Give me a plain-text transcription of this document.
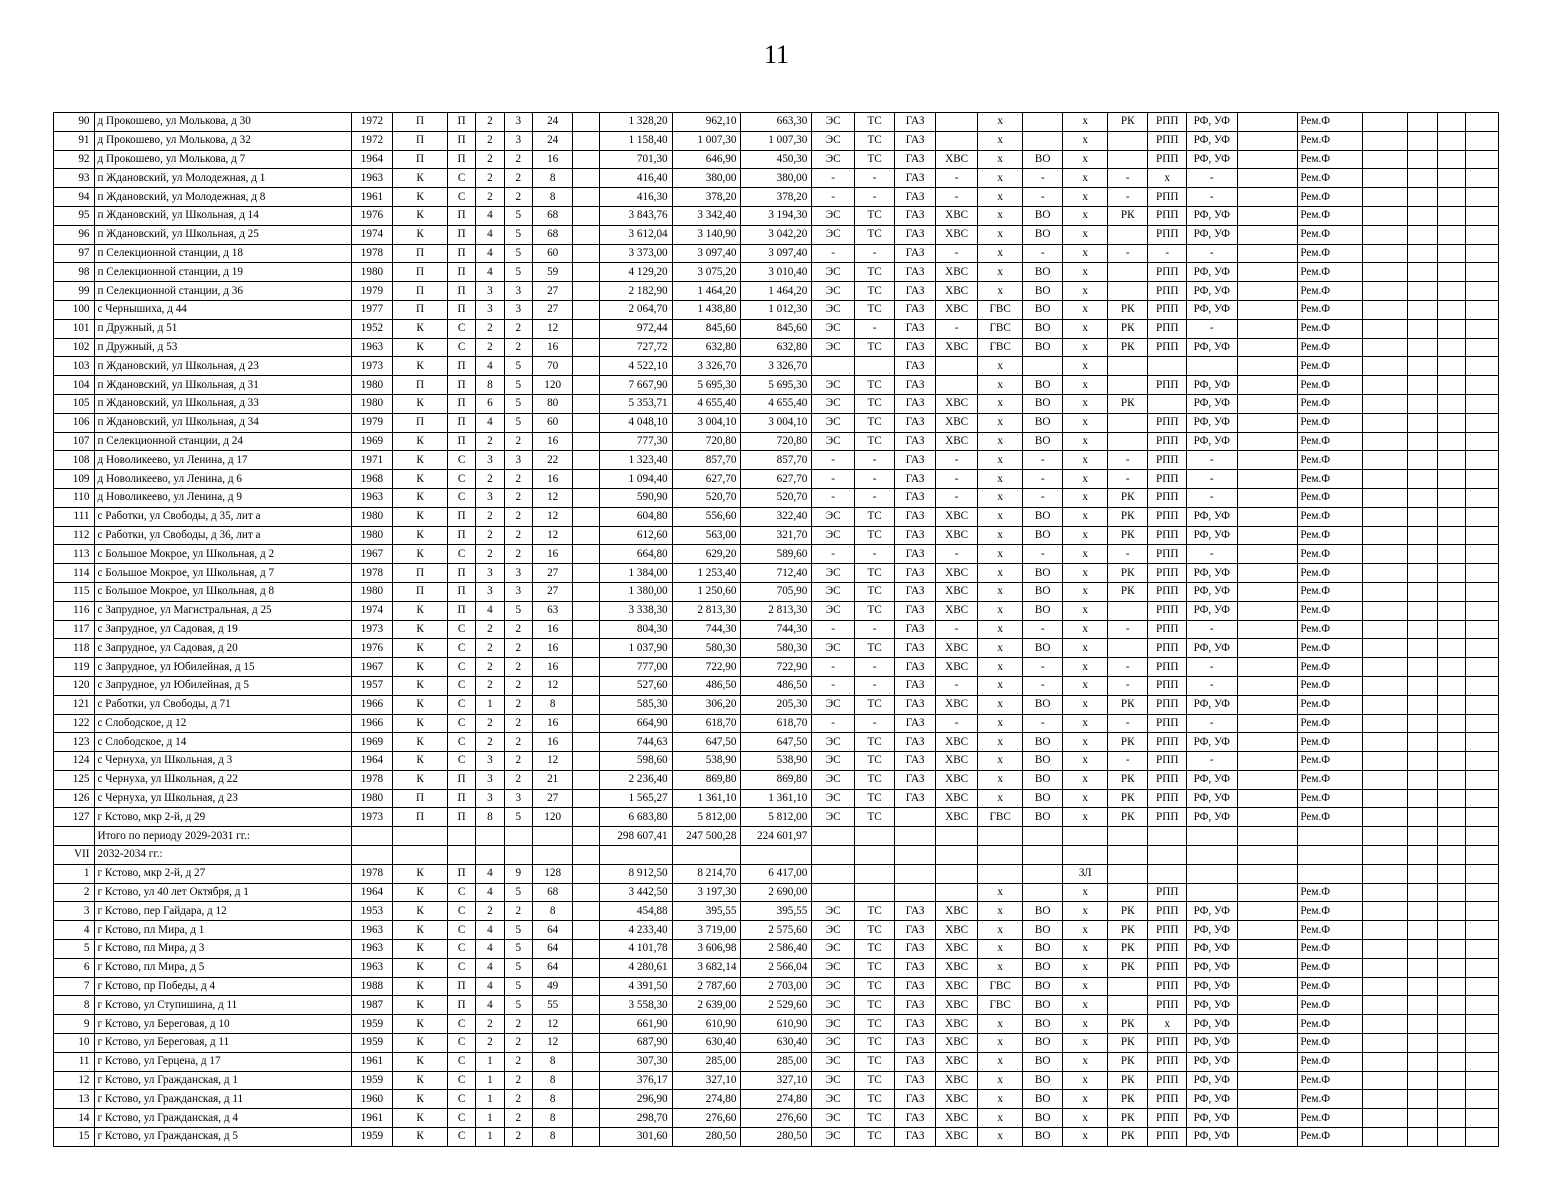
11
90	д Прокошево, ул Молькова, д 30	1972	П	П	2	3	24		1 328,20	962,10	663,30	ЭС	ТС	ГАЗ		х		х	РК	РПП	РФ, УФ		Рем.Ф				
91	д Прокошево, ул Молькова, д 32	1972	П	П	2	3	24		1 158,40	1 007,30	1 007,30	ЭС	ТС	ГАЗ		х		х		РПП	РФ, УФ		Рем.Ф				
92	д Прокошево, ул Молькова, д 7	1964	П	П	2	2	16		701,30	646,90	450,30	ЭС	ТС	ГАЗ	ХВС	х	ВО	х		РПП	РФ, УФ		Рем.Ф				
93	п Ждановский, ул Молодежная, д 1	1963	К	С	2	2	8		416,40	380,00	380,00	-	-	ГАЗ	-	х	-	х	-	х	-		Рем.Ф				
94	п Ждановский, ул Молодежная, д 8	1961	К	С	2	2	8		416,30	378,20	378,20	-	-	ГАЗ	-	х	-	х	-	РПП	-		Рем.Ф				
95	п Ждановский, ул Школьная, д 14	1976	К	П	4	5	68		3 843,76	3 342,40	3 194,30	ЭС	ТС	ГАЗ	ХВС	х	ВО	х	РК	РПП	РФ, УФ		Рем.Ф				
96	п Ждановский, ул Школьная, д 25	1974	К	П	4	5	68		3 612,04	3 140,90	3 042,20	ЭС	ТС	ГАЗ	ХВС	х	ВО	х		РПП	РФ, УФ		Рем.Ф				
97	п Селекционной станции, д 18	1978	П	П	4	5	60		3 373,00	3 097,40	3 097,40	-	-	ГАЗ	-	х	-	х	-	-	-		Рем.Ф				
98	п Селекционной станции, д 19	1980	П	П	4	5	59		4 129,20	3 075,20	3 010,40	ЭС	ТС	ГАЗ	ХВС	х	ВО	х		РПП	РФ, УФ		Рем.Ф				
99	п Селекционной станции, д 36	1979	П	П	3	3	27		2 182,90	1 464,20	1 464,20	ЭС	ТС	ГАЗ	ХВС	х	ВО	х		РПП	РФ, УФ		Рем.Ф				
100	с Чернышиха, д 44	1977	П	П	3	3	27		2 064,70	1 438,80	1 012,30	ЭС	ТС	ГАЗ	ХВС	ГВС	ВО	х	РК	РПП	РФ, УФ		Рем.Ф				
101	п Дружный, д 51	1952	К	С	2	2	12		972,44	845,60	845,60	ЭС	-	ГАЗ	-	ГВС	ВО	х	РК	РПП	-		Рем.Ф				
102	п Дружный, д 53	1963	К	С	2	2	16		727,72	632,80	632,80	ЭС	ТС	ГАЗ	ХВС	ГВС	ВО	х	РК	РПП	РФ, УФ		Рем.Ф				
103	п Ждановский, ул Школьная, д 23	1973	К	П	4	5	70		4 522,10	3 326,70	3 326,70			ГАЗ		х		х					Рем.Ф				
104	п Ждановский, ул Школьная, д 31	1980	П	П	8	5	120		7 667,90	5 695,30	5 695,30	ЭС	ТС	ГАЗ		х	ВО	х		РПП	РФ, УФ		Рем.Ф				
105	п Ждановский, ул Школьная, д 33	1980	К	П	6	5	80		5 353,71	4 655,40	4 655,40	ЭС	ТС	ГАЗ	ХВС	х	ВО	х	РК		РФ, УФ		Рем.Ф				
106	п Ждановский, ул Школьная, д 34	1979	П	П	4	5	60		4 048,10	3 004,10	3 004,10	ЭС	ТС	ГАЗ	ХВС	х	ВО	х		РПП	РФ, УФ		Рем.Ф				
107	п Селекционной станции, д 24	1969	К	П	2	2	16		777,30	720,80	720,80	ЭС	ТС	ГАЗ	ХВС	х	ВО	х		РПП	РФ, УФ		Рем.Ф				
108	д Новоликеево, ул Ленина, д 17	1971	К	С	3	3	22		1 323,40	857,70	857,70	-	-	ГАЗ	-	х	-	х	-	РПП	-		Рем.Ф				
109	д Новоликеево, ул Ленина, д 6	1968	К	С	2	2	16		1 094,40	627,70	627,70	-	-	ГАЗ	-	х	-	х	-	РПП	-		Рем.Ф				
110	д Новоликеево, ул Ленина, д 9	1963	К	С	3	2	12		590,90	520,70	520,70	-	-	ГАЗ	-	х	-	х	РК	РПП	-		Рем.Ф				
111	с Работки, ул Свободы, д 35, лит а	1980	К	П	2	2	12		604,80	556,60	322,40	ЭС	ТС	ГАЗ	ХВС	х	ВО	х	РК	РПП	РФ, УФ		Рем.Ф				
112	с Работки, ул Свободы, д 36, лит а	1980	К	П	2	2	12		612,60	563,00	321,70	ЭС	ТС	ГАЗ	ХВС	х	ВО	х	РК	РПП	РФ, УФ		Рем.Ф				
113	с Большое Мокрое, ул Школьная, д 2	1967	К	С	2	2	16		664,80	629,20	589,60	-	-	ГАЗ	-	х	-	х	-	РПП	-		Рем.Ф				
114	с Большое Мокрое, ул Школьная, д 7	1978	П	П	3	3	27		1 384,00	1 253,40	712,40	ЭС	ТС	ГАЗ	ХВС	х	ВО	х	РК	РПП	РФ, УФ		Рем.Ф				
115	с Большое Мокрое, ул Школьная, д 8	1980	П	П	3	3	27		1 380,00	1 250,60	705,90	ЭС	ТС	ГАЗ	ХВС	х	ВО	х	РК	РПП	РФ, УФ		Рем.Ф				
116	с Запрудное, ул Магистральная, д 25	1974	К	П	4	5	63		3 338,30	2 813,30	2 813,30	ЭС	ТС	ГАЗ	ХВС	х	ВО	х		РПП	РФ, УФ		Рем.Ф				
117	с Запрудное, ул Садовая, д 19	1973	К	С	2	2	16		804,30	744,30	744,30	-	-	ГАЗ	-	х	-	х	-	РПП	-		Рем.Ф				
118	с Запрудное, ул Садовая, д 20	1976	К	С	2	2	16		1 037,90	580,30	580,30	ЭС	ТС	ГАЗ	ХВС	х	ВО	х		РПП	РФ, УФ		Рем.Ф				
119	с Запрудное, ул Юбилейная, д 15	1967	К	С	2	2	16		777,00	722,90	722,90	-	-	ГАЗ	ХВС	х	-	х	-	РПП	-		Рем.Ф				
120	с Запрудное, ул Юбилейная, д 5	1957	К	С	2	2	12		527,60	486,50	486,50	-	-	ГАЗ	-	х	-	х	-	РПП	-		Рем.Ф				
121	с Работки, ул Свободы, д 71	1966	К	С	1	2	8		585,30	306,20	205,30	ЭС	ТС	ГАЗ	ХВС	х	ВО	х	РК	РПП	РФ, УФ		Рем.Ф				
122	с Слободское, д 12	1966	К	С	2	2	16		664,90	618,70	618,70	-	-	ГАЗ	-	х	-	х	-	РПП	-		Рем.Ф				
123	с Слободское, д 14	1969	К	С	2	2	16		744,63	647,50	647,50	ЭС	ТС	ГАЗ	ХВС	х	ВО	х	РК	РПП	РФ, УФ		Рем.Ф				
124	с Чернуха, ул Школьная, д 3	1964	К	С	3	2	12		598,60	538,90	538,90	ЭС	ТС	ГАЗ	ХВС	х	ВО	х	-	РПП	-		Рем.Ф				
125	с Чернуха, ул Школьная, д 22	1978	К	П	3	2	21		2 236,40	869,80	869,80	ЭС	ТС	ГАЗ	ХВС	х	ВО	х	РК	РПП	РФ, УФ		Рем.Ф				
126	с Чернуха, ул Школьная, д 23	1980	П	П	3	3	27		1 565,27	1 361,10	1 361,10	ЭС	ТС	ГАЗ	ХВС	х	ВО	х	РК	РПП	РФ, УФ		Рем.Ф				
127	г Кстово, мкр 2-й, д 29	1973	П	П	8	5	120		6 683,80	5 812,00	5 812,00	ЭС	ТС		ХВС	ГВС	ВО	х	РК	РПП	РФ, УФ		Рем.Ф				
	Итого по периоду 2029-2031 гг.:								298 607,41	247 500,28	224 601,97																
VII	2032-2034 гг.:																										
1	г Кстово, мкр 2-й, д 27	1978	К	П	4	9	128		8 912,50	8 214,70	6 417,00							ЗЛ									
2	г Кстово, ул 40 лет Октября, д 1	1964	К	С	4	5	68		3 442,50	3 197,30	2 690,00					х		х		РПП			Рем.Ф				
3	г Кстово, пер Гайдара, д 12	1953	К	С	2	2	8		454,88	395,55	395,55	ЭС	ТС	ГАЗ	ХВС	х	ВО	х	РК	РПП	РФ, УФ		Рем.Ф				
4	г Кстово, пл Мира, д 1	1963	К	С	4	5	64		4 233,40	3 719,00	2 575,60	ЭС	ТС	ГАЗ	ХВС	х	ВО	х	РК	РПП	РФ, УФ		Рем.Ф				
5	г Кстово, пл Мира, д 3	1963	К	С	4	5	64		4 101,78	3 606,98	2 586,40	ЭС	ТС	ГАЗ	ХВС	х	ВО	х	РК	РПП	РФ, УФ		Рем.Ф				
6	г Кстово, пл Мира, д 5	1963	К	С	4	5	64		4 280,61	3 682,14	2 566,04	ЭС	ТС	ГАЗ	ХВС	х	ВО	х	РК	РПП	РФ, УФ		Рем.Ф				
7	г Кстово, пр Победы, д 4	1988	К	П	4	5	49		4 391,50	2 787,60	2 703,00	ЭС	ТС	ГАЗ	ХВС	ГВС	ВО	х		РПП	РФ, УФ		Рем.Ф				
8	г Кстово, ул Ступишина, д 11	1987	К	П	4	5	55		3 558,30	2 639,00	2 529,60	ЭС	ТС	ГАЗ	ХВС	ГВС	ВО	х		РПП	РФ, УФ		Рем.Ф				
9	г Кстово, ул Береговая, д 10	1959	К	С	2	2	12		661,90	610,90	610,90	ЭС	ТС	ГАЗ	ХВС	х	ВО	х	РК	х	РФ, УФ		Рем.Ф				
10	г Кстово, ул Береговая, д 11	1959	К	С	2	2	12		687,90	630,40	630,40	ЭС	ТС	ГАЗ	ХВС	х	ВО	х	РК	РПП	РФ, УФ		Рем.Ф				
11	г Кстово, ул Герцена, д 17	1961	К	С	1	2	8		307,30	285,00	285,00	ЭС	ТС	ГАЗ	ХВС	х	ВО	х	РК	РПП	РФ, УФ		Рем.Ф				
12	г Кстово, ул Гражданская, д 1	1959	К	С	1	2	8		376,17	327,10	327,10	ЭС	ТС	ГАЗ	ХВС	х	ВО	х	РК	РПП	РФ, УФ		Рем.Ф				
13	г Кстово, ул Гражданская, д 11	1960	К	С	1	2	8		296,90	274,80	274,80	ЭС	ТС	ГАЗ	ХВС	х	ВО	х	РК	РПП	РФ, УФ		Рем.Ф				
14	г Кстово, ул Гражданская, д 4	1961	К	С	1	2	8		298,70	276,60	276,60	ЭС	ТС	ГАЗ	ХВС	х	ВО	х	РК	РПП	РФ, УФ		Рем.Ф				
15	г Кстово, ул Гражданская, д 5	1959	К	С	1	2	8		301,60	280,50	280,50	ЭС	ТС	ГАЗ	ХВС	х	ВО	х	РК	РПП	РФ, УФ		Рем.Ф				
